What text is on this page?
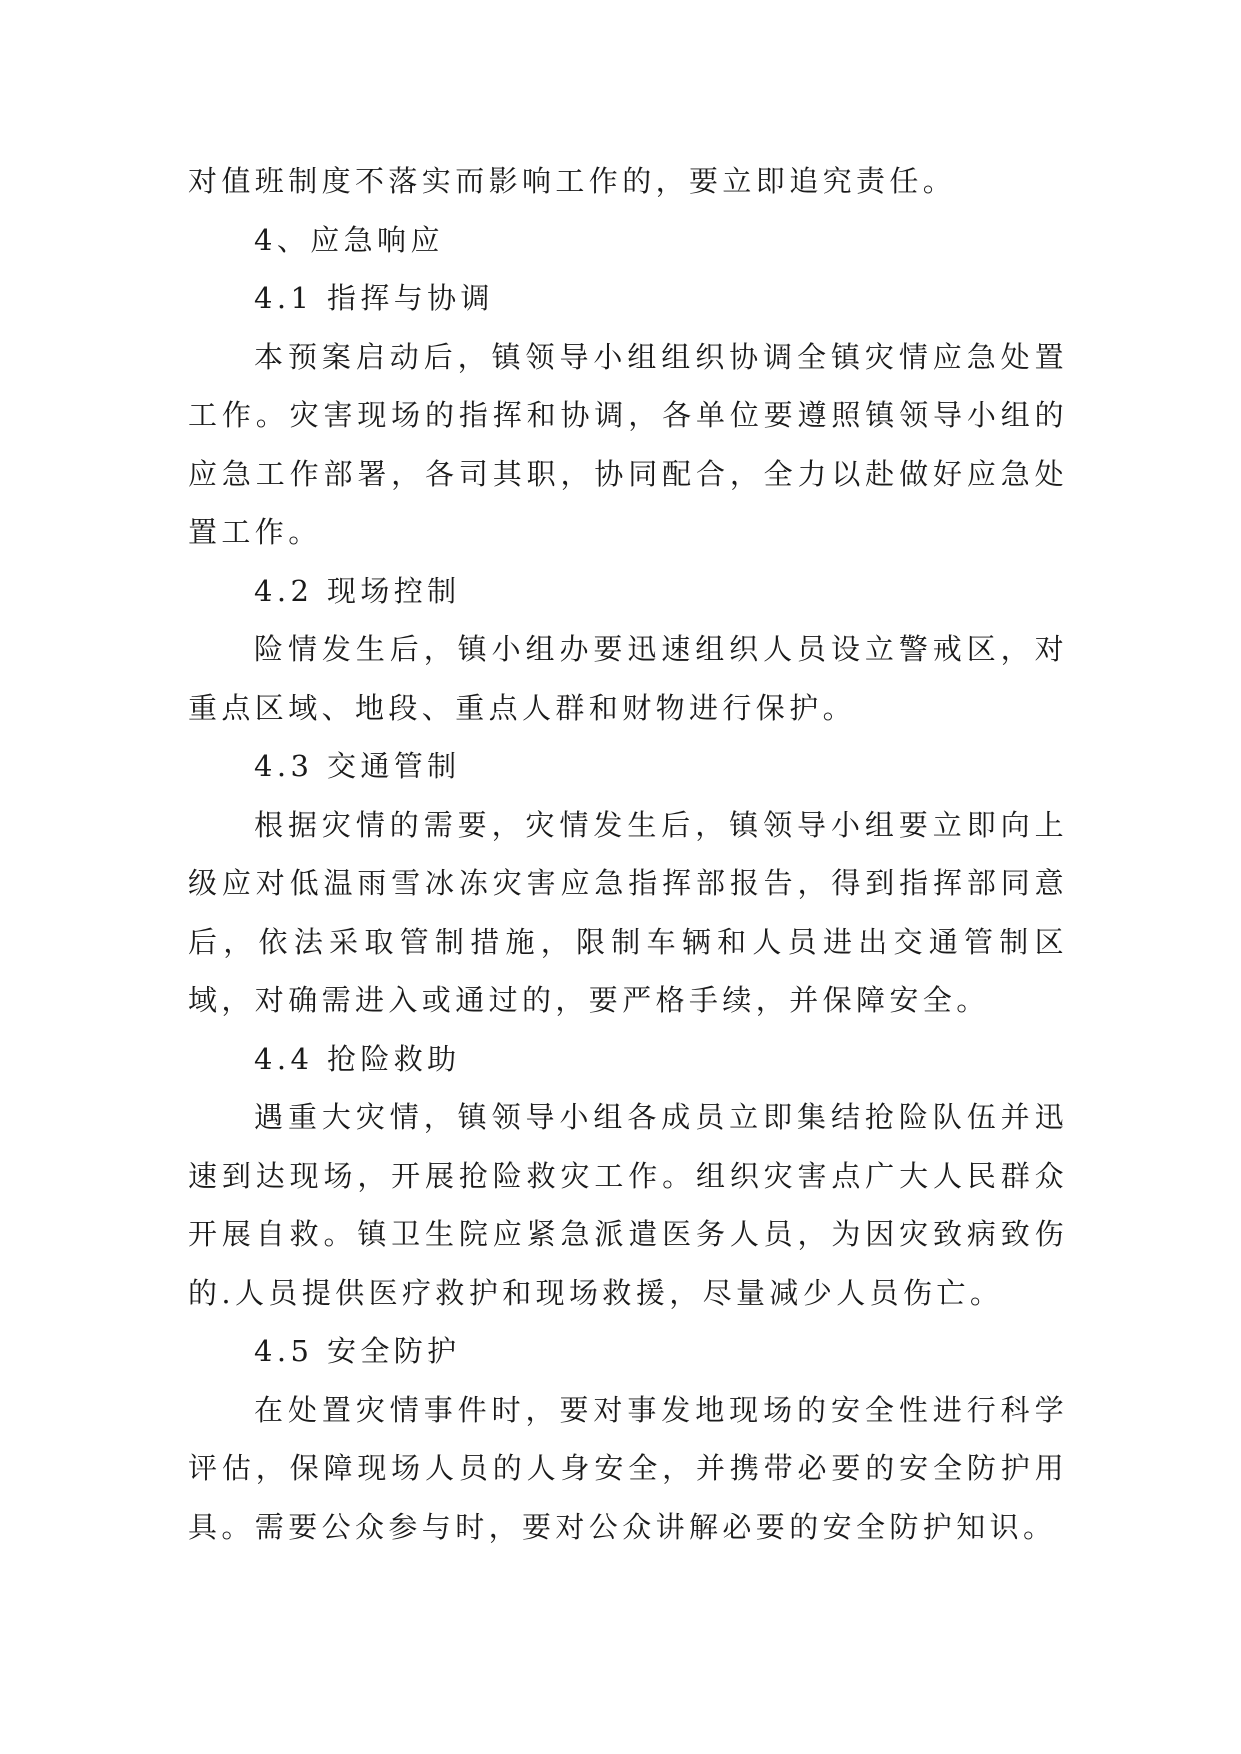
对值班制度不落实而影响工作的，要立即追究责任。

4、应急响应

4.1 指挥与协调

本预案启动后，镇领导小组组织协调全镇灾情应急处置工作。灾害现场的指挥和协调，各单位要遵照镇领导小组的应急工作部署，各司其职，协同配合，全力以赴做好应急处置工作。

4.2 现场控制

险情发生后，镇小组办要迅速组织人员设立警戒区，对重点区域、地段、重点人群和财物进行保护。

4.3 交通管制

根据灾情的需要，灾情发生后，镇领导小组要立即向上级应对低温雨雪冰冻灾害应急指挥部报告，得到指挥部同意后，依法采取管制措施，限制车辆和人员进出交通管制区域，对确需进入或通过的，要严格手续，并保障安全。

4.4 抢险救助

遇重大灾情，镇领导小组各成员立即集结抢险队伍并迅速到达现场，开展抢险救灾工作。组织灾害点广大人民群众开展自救。镇卫生院应紧急派遣医务人员，为因灾致病致伤的.人员提供医疗救护和现场救援，尽量减少人员伤亡。

4.5 安全防护

在处置灾情事件时，要对事发地现场的安全性进行科学评估，保障现场人员的人身安全，并携带必要的安全防护用具。需要公众参与时，要对公众讲解必要的安全防护知识。
